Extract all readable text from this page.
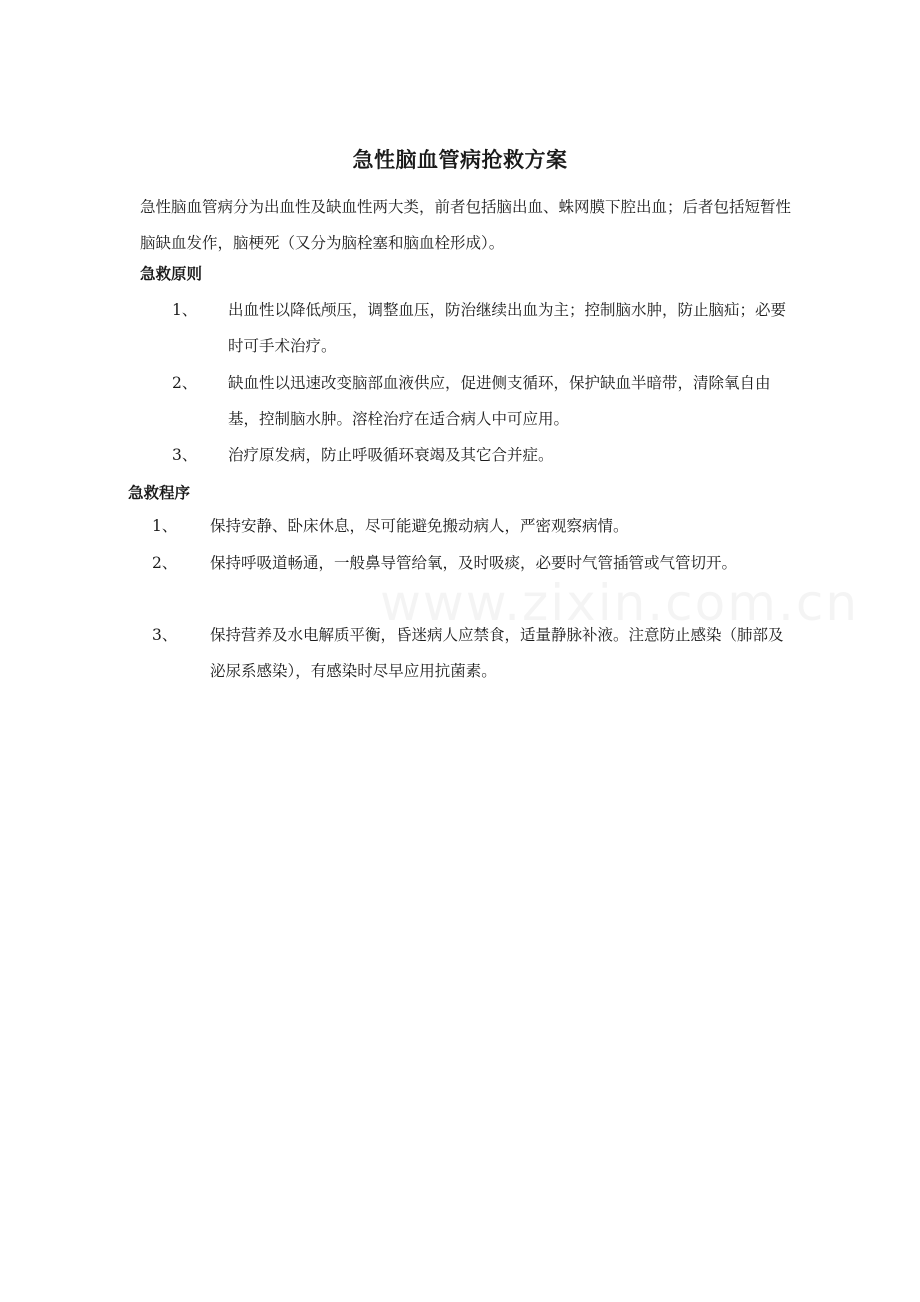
急性脑血管病抢救方案

急性脑血管病分为出血性及缺血性两大类，前者包括脑出血、蛛网膜下腔出血；后者包括短暂性脑缺血发作，脑梗死（又分为脑栓塞和脑血栓形成）。

急救原则
1、 出血性以降低颅压，调整血压，防治继续出血为主；控制脑水肿，防止脑疝；必要时可手术治疗。
2、 缺血性以迅速改变脑部血液供应，促进侧支循环，保护缺血半暗带，清除氧自由基，控制脑水肿。溶栓治疗在适合病人中可应用。
3、 治疗原发病，防止呼吸循环衰竭及其它合并症。
急救程序
1、 保持安静、卧床休息，尽可能避免搬动病人，严密观察病情。
2、 保持呼吸道畅通，一般鼻导管给氧，及时吸痰，必要时气管插管或气管切开。
3、 保持营养及水电解质平衡，昏迷病人应禁食，适量静脉补液。注意防止感染（肺部及泌尿系感染），有感染时尽早应用抗菌素。
